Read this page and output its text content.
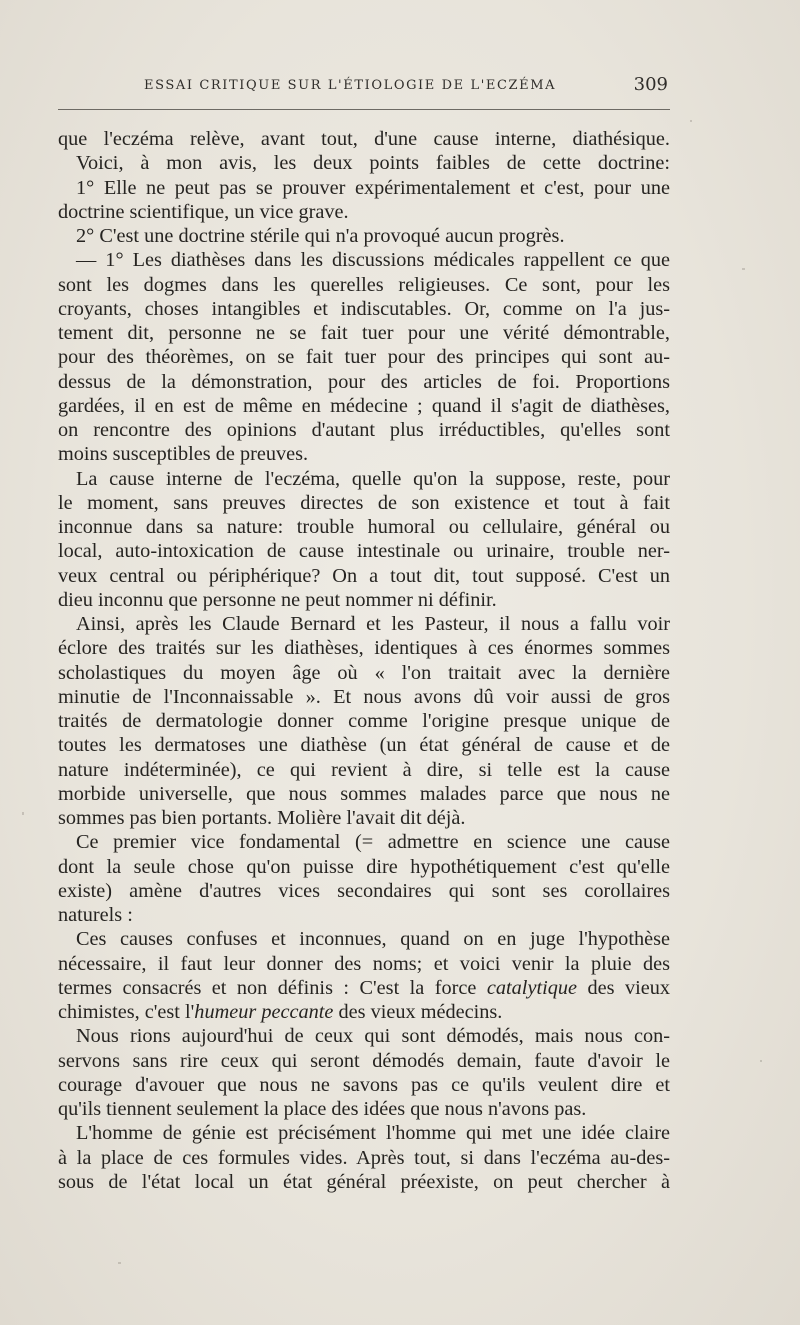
ESSAI CRITIQUE SUR L'ÉTIOLOGIE DE L'ECZÉMA	309
que l'eczéma relève, avant tout, d'une cause interne, diathésique.
Voici, à mon avis, les deux points faibles de cette doctrine:
1° Elle ne peut pas se prouver expérimentalement et c'est, pour une
doctrine scientifique, un vice grave.
2° C'est une doctrine stérile qui n'a provoqué aucun progrès.
— 1° Les diathèses dans les discussions médicales rappellent ce que
sont les dogmes dans les querelles religieuses. Ce sont, pour les
croyants, choses intangibles et indiscutables. Or, comme on l'a jus-
tement dit, personne ne se fait tuer pour une vérité démontrable,
pour des théorèmes, on se fait tuer pour des principes qui sont au-
dessus de la démonstration, pour des articles de foi. Proportions
gardées, il en est de même en médecine ; quand il s'agit de diathèses,
on rencontre des opinions d'autant plus irréductibles, qu'elles sont
moins susceptibles de preuves.
La cause interne de l'eczéma, quelle qu'on la suppose, reste, pour
le moment, sans preuves directes de son existence et tout à fait
inconnue dans sa nature: trouble humoral ou cellulaire, général ou
local, auto-intoxication de cause intestinale ou urinaire, trouble ner-
veux central ou périphérique? On a tout dit, tout supposé. C'est un
dieu inconnu que personne ne peut nommer ni définir.
Ainsi, après les Claude Bernard et les Pasteur, il nous a fallu voir
éclore des traités sur les diathèses, identiques à ces énormes sommes
scholastiques du moyen âge où « l'on traitait avec la dernière
minutie de l'Inconnaissable ». Et nous avons dû voir aussi de gros
traités de dermatologie donner comme l'origine presque unique de
toutes les dermatoses une diathèse (un état général de cause et de
nature indéterminée), ce qui revient à dire, si telle est la cause
morbide universelle, que nous sommes malades parce que nous ne
sommes pas bien portants. Molière l'avait dit déjà.
Ce premier vice fondamental (= admettre en science une cause
dont la seule chose qu'on puisse dire hypothétiquement c'est qu'elle
existe) amène d'autres vices secondaires qui sont ses corollaires
naturels :
Ces causes confuses et inconnues, quand on en juge l'hypothèse
nécessaire, il faut leur donner des noms; et voici venir la pluie des
termes consacrés et non définis : C'est la force catalytique des vieux
chimistes, c'est l'humeur peccante des vieux médecins.
Nous rions aujourd'hui de ceux qui sont démodés, mais nous con-
servons sans rire ceux qui seront démodés demain, faute d'avoir le
courage d'avouer que nous ne savons pas ce qu'ils veulent dire et
qu'ils tiennent seulement la place des idées que nous n'avons pas.
L'homme de génie est précisément l'homme qui met une idée claire
à la place de ces formules vides. Après tout, si dans l'eczéma au-des-
sous de l'état local un état général préexiste, on peut chercher à
